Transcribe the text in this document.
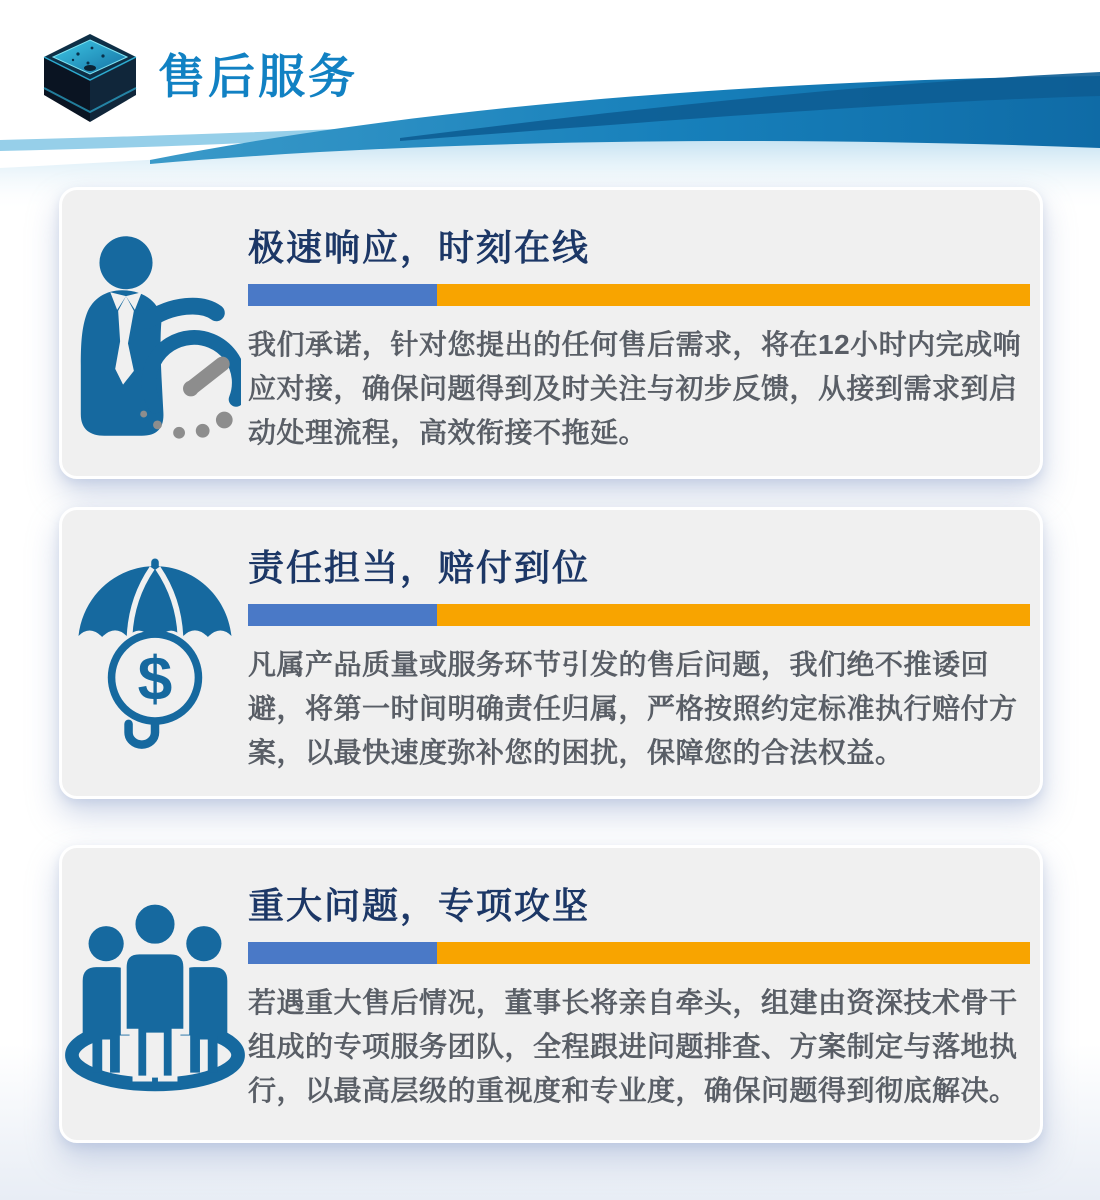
售后服务
极速响应，时刻在线

我们承诺，针对您提出的任何售后需求，将在12小时内完成响应对接，确保问题得到及时关注与初步反馈，从接到需求到启动处理流程，高效衔接不拖延。

$
责任担当，赔付到位

凡属产品质量或服务环节引发的售后问题，我们绝不推诿回避，将第一时间明确责任归属，严格按照约定标准执行赔付方案，以最快速度弥补您的困扰，保障您的合法权益。

重大问题，专项攻坚

若遇重大售后情况，董事长将亲自牵头，组建由资深技术骨干组成的专项服务团队，全程跟进问题排查、方案制定与落地执行，以最高层级的重视度和专业度，确保问题得到彻底解决。
